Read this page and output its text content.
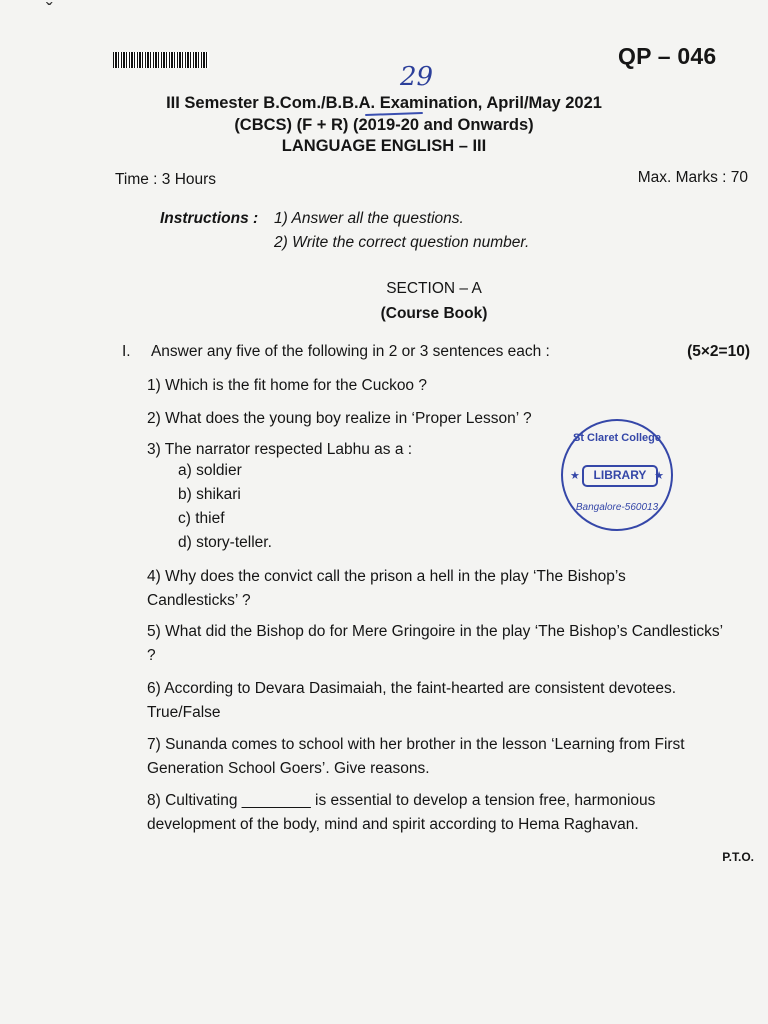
ˇ
QP – 046
29
III Semester B.Com./B.B.A. Examination, April/May 2021
(CBCS) (F + R) (2019-20 and Onwards)
LANGUAGE ENGLISH – III
Time : 3 Hours	Max. Marks : 70
Instructions : 1) Answer all the questions.
2) Write the correct question number.
SECTION – A
(Course Book)
I. Answer any five of the following in 2 or 3 sentences each :	(5×2=10)
1) Which is the fit home for the Cuckoo ?
2) What does the young boy realize in ‘Proper Lesson’ ?
3) The narrator respected Labhu as a :
a) soldier
b) shikari
c) thief
d) story-teller.
4) Why does the convict call the prison a hell in the play ‘The Bishop’s Candlesticks’ ?
5) What did the Bishop do for Mere Gringoire in the play ‘The Bishop’s Candlesticks’ ?
6) According to Devara Dasimaiah, the faint-hearted are consistent devotees. True/False
7) Sunanda comes to school with her brother in the lesson ‘Learning from First Generation School Goers’. Give reasons.
8) Cultivating ________ is essential to develop a tension free, harmonious development of the body, mind and spirit according to Hema Raghavan.
St Claret College
★	LIBRARY ★
Bangalore-560013
P.T.O.
